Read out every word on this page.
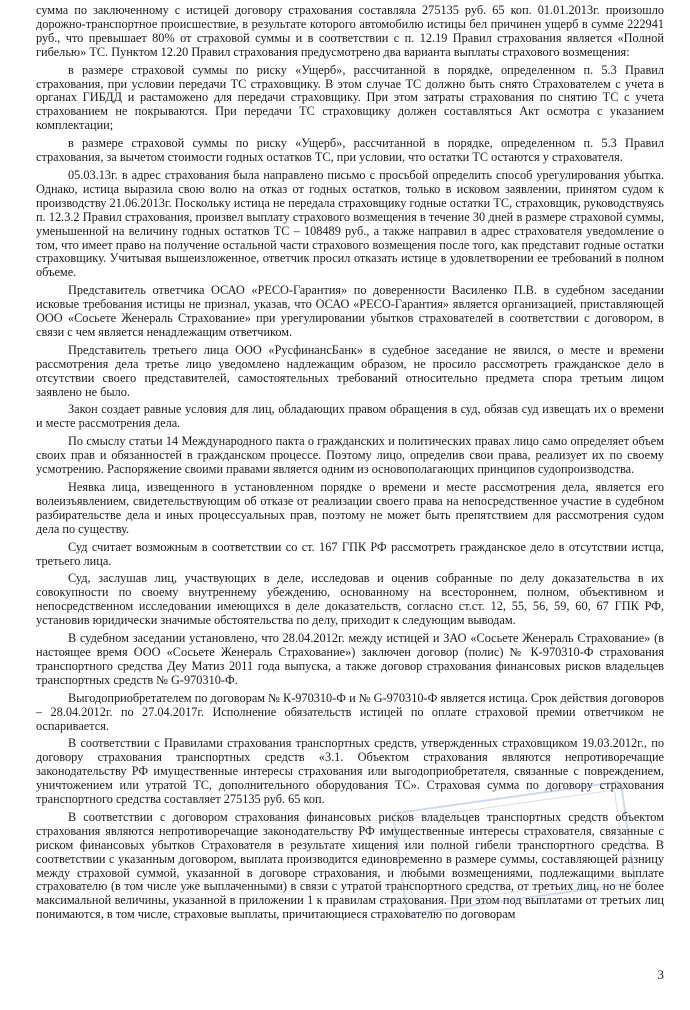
сумма по заключенному с истицей договору страхования составляла 275135 руб. 65 коп. 01.01.2013г. произошло дорожно-транспортное происшествие, в результате которого автомобилю истицы бел причинен ущерб в сумме 222941 руб., что превышает 80% от страховой суммы и в соответствии с п. 12.19 Правил страхования является «Полной гибелью» ТС. Пунктом 12.20 Правил страхования предусмотрено два варианта выплаты страхового возмещения:

в размере страховой суммы по риску «Ущерб», рассчитанной в порядке, определенном п. 5.3 Правил страхования, при условии передачи ТС страховщику. В этом случае ТС должно быть снято Страхователем с учета в органах ГИБДД и растаможено для передачи страховщику. При этом затраты страхования по снятию ТС с учета страхованием не покрываются. При передачи ТС страховщику должен составляться Акт осмотра с указанием комплектации;

в размере страховой суммы по риску «Ущерб», рассчитанной в порядке, определенном п. 5.3 Правил страхования, за вычетом стоимости годных остатков ТС, при условии, что остатки ТС остаются у страхователя.

05.03.13г. в адрес страхования была направлено письмо с просьбой определить способ урегулирования убытка. Однако, истица выразила свою волю на отказ от годных остатков, только в исковом заявлении, принятом судом к производству 21.06.2013г. Поскольку истица не передала страховщику годные остатки ТС, страховщик, руководствуясь п. 12.3.2 Правил страхования, произвел выплату страхового возмещения в течение 30 дней в размере страховой суммы, уменьшенной на величину годных остатков ТС – 108489 руб., а также направил в адрес страхователя уведомление о том, что имеет право на получение остальной части страхового возмещения после того, как представит годные остатки страховщику. Учитывая вышеизложенное, ответчик просил отказать истице в удовлетворении ее требований в полном объеме.

Представитель ответчика ОСАО «РЕСО-Гарантия» по доверенности Василенко П.В. в судебном заседании исковые требования истицы не признал, указав, что ОСАО «РЕСО-Гарантия» является организацией, приставляющей ООО «Сосьете Женераль Страхование» при урегулировании убытков страхователей в соответствии с договором, в связи с чем является ненадлежащим ответчиком.

Представитель третьего лица ООО «РусфинансБанк» в судебное заседание не явился, о месте и времени рассмотрения дела третье лицо уведомлено надлежащим образом, не просило рассмотреть гражданское дело в отсутствии своего представителей, самостоятельных требований относительно предмета спора третьим лицом заявлено не было.

Закон создает равные условия для лиц, обладающих правом обращения в суд, обязав суд извещать их о времени и месте рассмотрения дела.

По смыслу статьи 14 Международного пакта о гражданских и политических правах лицо само определяет объем своих прав и обязанностей в гражданском процессе. Поэтому лицо, определив свои права, реализует их по своему усмотрению. Распоряжение своими правами является одним из основополагающих принципов судопроизводства.

Неявка лица, извещенного в установленном порядке о времени и месте рассмотрения дела, является его волеизъявлением, свидетельствующим об отказе от реализации своего права на непосредственное участие в судебном разбирательстве дела и иных процессуальных прав, поэтому не может быть препятствием для рассмотрения судом дела по существу.

Суд считает возможным в соответствии со ст. 167 ГПК РФ рассмотреть гражданское дело в отсутствии истца, третьего лица.

Суд, заслушав лиц, участвующих в деле, исследовав и оценив собранные по делу доказательства в их совокупности по своему внутреннему убеждению, основанному на всестороннем, полном, объективном и непосредственном исследовании имеющихся в деле доказательств, согласно ст.ст. 12, 55, 56, 59, 60, 67 ГПК РФ, установив юридически значимые обстоятельства по делу, приходит к следующим выводам.

В судебном заседании установлено, что 28.04.2012г. между истицей и ЗАО «Сосьете Женераль Страхование» (в настоящее время ООО «Сосьете Женераль Страхование») заключен договор (полис) № К-970310-Ф страхования транспортного средства Деу Матиз 2011 года выпуска, а также договор страхования финансовых рисков владельцев транспортных средств № G-970310-Ф.

Выгодоприобретателем по договорам № К-970310-Ф и № G-970310-Ф является истица. Срок действия договоров – 28.04.2012г. по 27.04.2017г. Исполнение обязательств истицей по оплате страховой премии ответчиком не оспаривается.

В соответствии с Правилами страхования транспортных средств, утвержденных страховщиком 19.03.2012г., по договору страхования транспортных средств «3.1. Объектом страхования являются непротиворечащие законодательству РФ имущественные интересы страхования или выгодоприобретателя, связанные с повреждением, уничтожением или утратой ТС, дополнительного оборудования ТС». Страховая сумма по договору страхования транспортного средства составляет 275135 руб. 65 коп.

В соответствии с договором страхования финансовых рисков владельцев транспортных средств объектом страхования являются непротиворечащие законодательству РФ имущественные интересы страхователя, связанные с риском финансовых убытков Страхователя в результате хищения или полной гибели транспортного средства. В соответствии с указанным договором, выплата производится единовременно в размере суммы, составляющей разницу между страховой суммой, указанной в договоре страхования, и любыми возмещениями, подлежащими выплате страхователю (в том числе уже выплаченными) в связи с утратой транспортного средства, от третьих лиц, но не более максимальной величины, указанной в приложении 1 к правилам страхования. При этом под выплатами от третьих лиц понимаются, в том числе, страховые выплаты, причитающиеся страхователю по договорам

3
